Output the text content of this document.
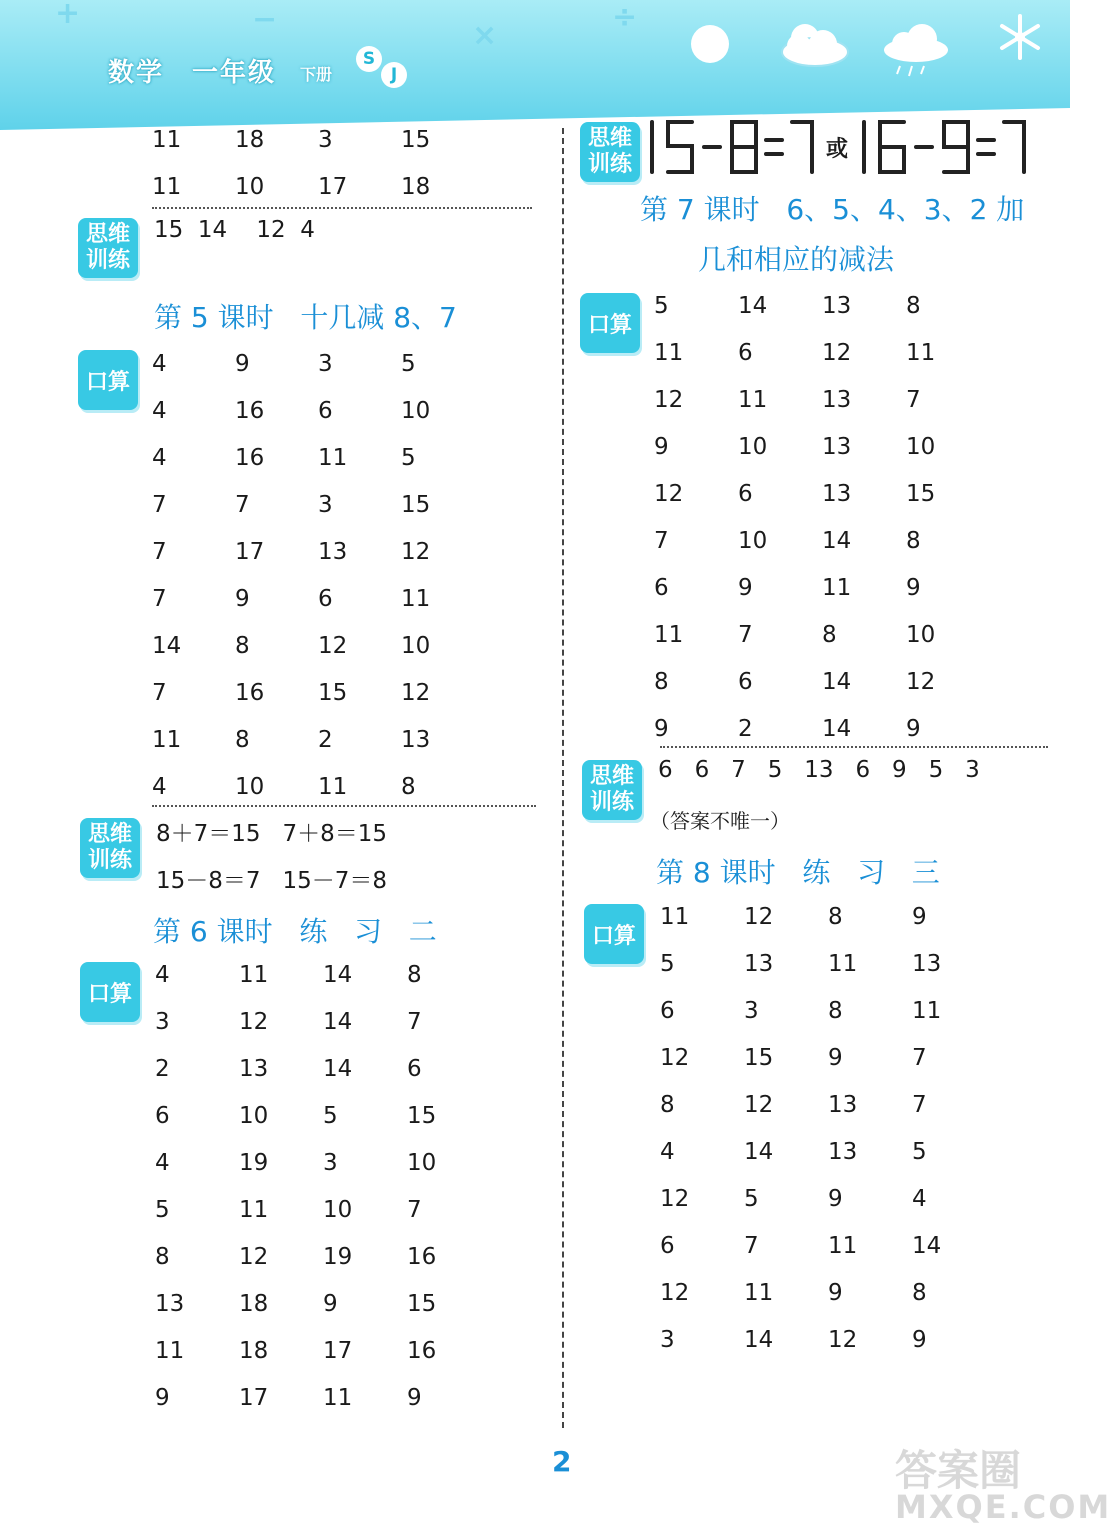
+	−	×
÷
数学 一年级 下册
S
J
11	18	3	15
11	10	17	18
思维训练
15  14    12  4
第 5 课时   十几减 8、7
口算
4	9	3	5
4	16	6	10
4	16	11	5
7	7	3	15
7	17	13	12
7	9	6	11
14	8	12	10
7	16	15	12
11	8	2	13
4	10	11	8
思维训练
8＋7＝15   7＋8＝15
15－8＝7   15－7＝8
第 6 课时   练   习   二
口算
4	11	14	8
3	12	14	7
2	13	14	6
6	10	5	15
4	19	3	10
5	11	10	7
8	12	19	16
13	18	9	15
11	18	17	16
9	17	11	9
思维训练
或
第 7 课时   6、5、4、3、2 加
几和相应的减法
口算
5	14	13	8
11	6	12	11
12	11	13	7
9	10	13	10
12	6	13	15
7	10	14	8
6	9	11	9
11	7	8	10
8	6	14	12
9	2	14	9
思维训练
6   6   7   5   13   6   9   5   3
（答案不唯一）
第 8 课时   练   习   三
口算
11	12	8	9
5	13	11	13
6	3	8	11
12	15	9	7
8	12	13	7
4	14	13	5
12	5	9	4
6	7	11	14
12	11	9	8
3	14	12	9
2	答案圈
MXQE.COM
